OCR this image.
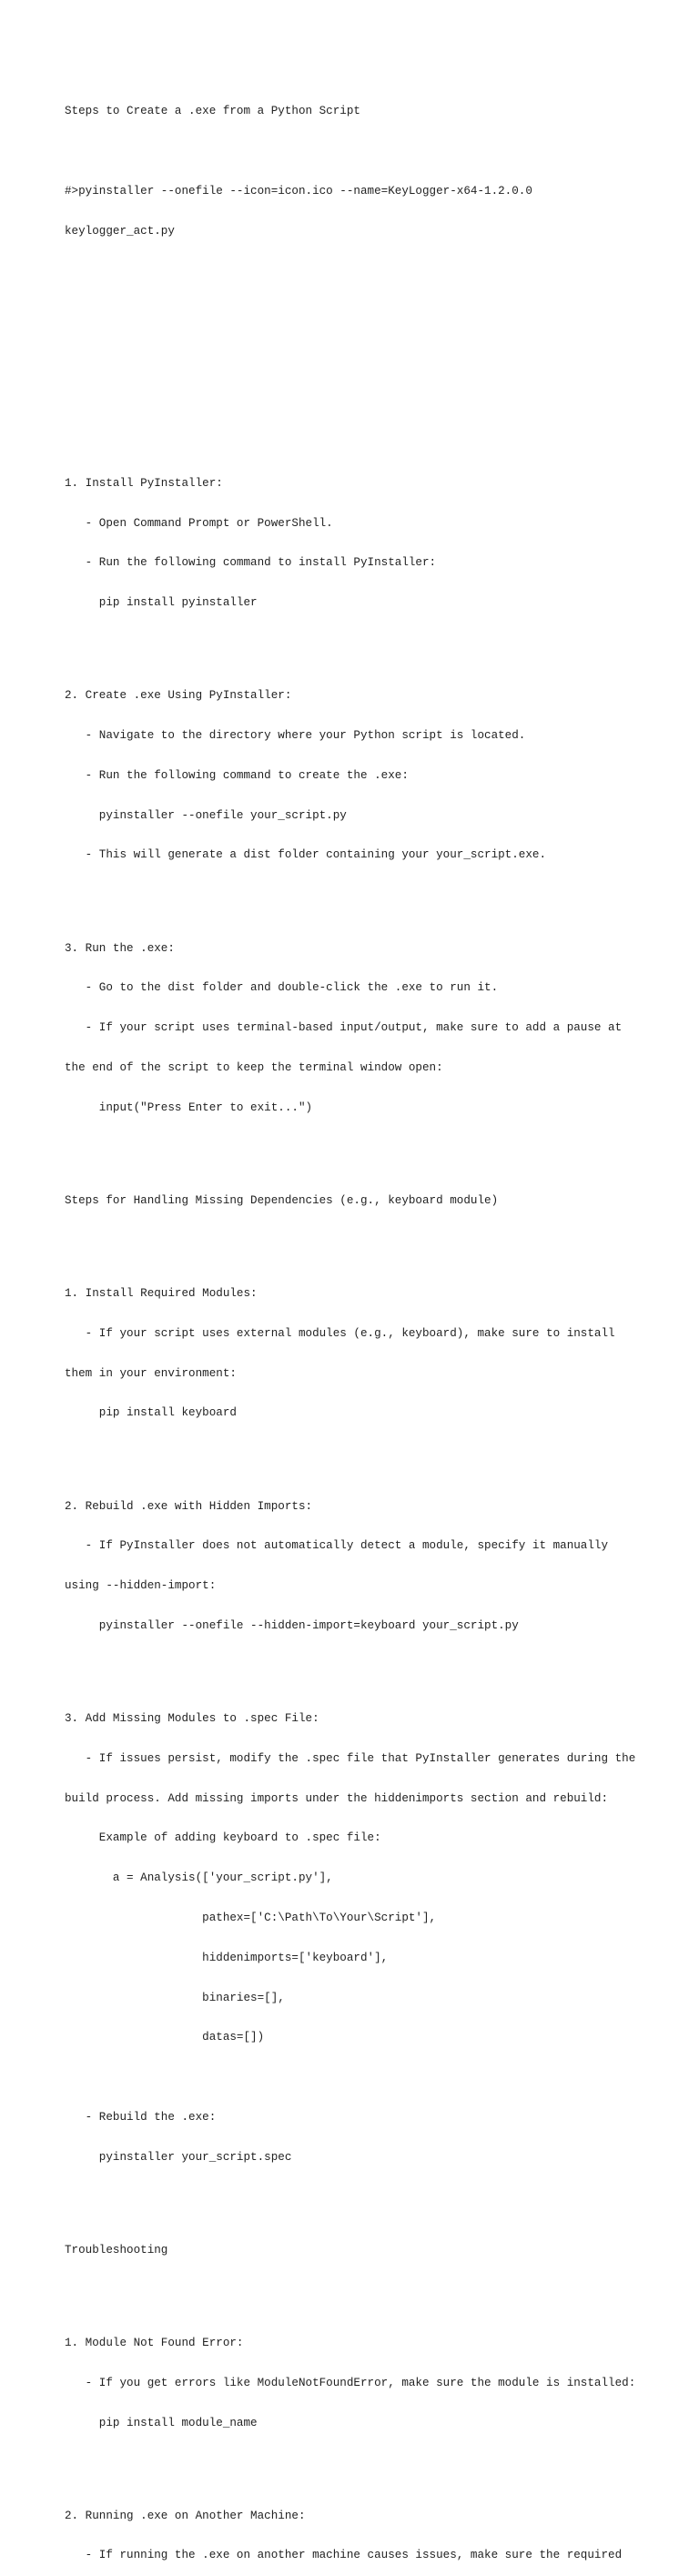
Steps to Create a .exe from a Python Script

#>pyinstaller --onefile --icon=icon.ico --name=KeyLogger-x64-1.2.0.0

keylogger_act.py

1. Install PyInstaller:

- Open Command Prompt or PowerShell.

- Run the following command to install PyInstaller:

pip install pyinstaller

2. Create .exe Using PyInstaller:

- Navigate to the directory where your Python script is located.

- Run the following command to create the .exe:

pyinstaller --onefile your_script.py

- This will generate a dist folder containing your your_script.exe.

3. Run the .exe:

- Go to the dist folder and double-click the .exe to run it.

- If your script uses terminal-based input/output, make sure to add a pause at

the end of the script to keep the terminal window open:

input("Press Enter to exit...")

Steps for Handling Missing Dependencies (e.g., keyboard module)

1. Install Required Modules:

- If your script uses external modules (e.g., keyboard), make sure to install

them in your environment:

pip install keyboard

2. Rebuild .exe with Hidden Imports:

- If PyInstaller does not automatically detect a module, specify it manually

using --hidden-import:

pyinstaller --onefile --hidden-import=keyboard your_script.py

3. Add Missing Modules to .spec File:

- If issues persist, modify the .spec file that PyInstaller generates during the

build process. Add missing imports under the hiddenimports section and rebuild:

Example of adding keyboard to .spec file:

a = Analysis(['your_script.py'],

pathex=['C:\Path\To\Your\Script'],

hiddenimports=['keyboard'],

binaries=[],

datas=[])

- Rebuild the .exe:

pyinstaller your_script.spec

Troubleshooting

1. Module Not Found Error:

- If you get errors like ModuleNotFoundError, make sure the module is installed:

pip install module_name

2. Running .exe on Another Machine:

- If running the .exe on another machine causes issues, make sure the required
